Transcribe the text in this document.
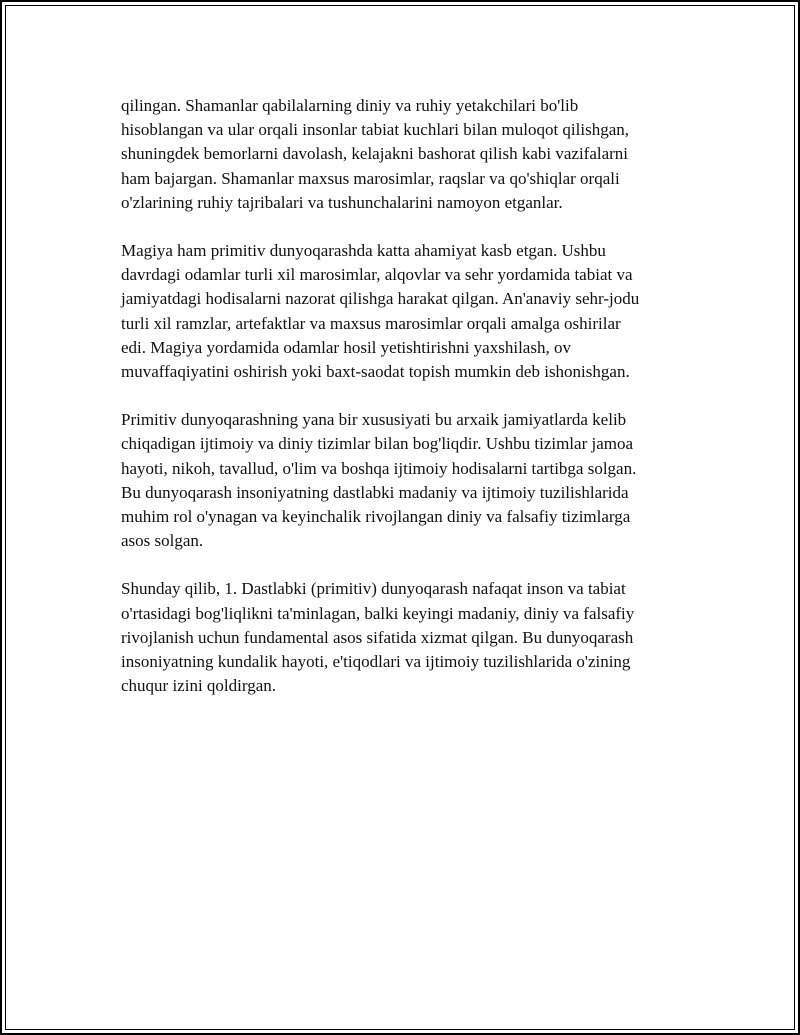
qilingan. Shamanlar qabilalarning diniy va ruhiy yetakchilari bo'lib
hisoblangan va ular orqali insonlar tabiat kuchlari bilan muloqot qilishgan,
shuningdek bemorlarni davolash, kelajakni bashorat qilish kabi vazifalarni
ham bajargan. Shamanlar maxsus marosimlar, raqslar va qo'shiqlar orqali
o'zlarining ruhiy tajribalari va tushunchalarini namoyon etganlar.

Magiya ham primitiv dunyoqarashda katta ahamiyat kasb etgan. Ushbu
davrdagi odamlar turli xil marosimlar, alqovlar va sehr yordamida tabiat va
jamiyatdagi hodisalarni nazorat qilishga harakat qilgan. An'anaviy sehr-jodu
turli xil ramzlar, artefaktlar va maxsus marosimlar orqali amalga oshirilar
edi. Magiya yordamida odamlar hosil yetishtirishni yaxshilash, ov
muvaffaqiyatini oshirish yoki baxt-saodat topish mumkin deb ishonishgan.

Primitiv dunyoqarashning yana bir xususiyati bu arxaik jamiyatlarda kelib
chiqadigan ijtimoiy va diniy tizimlar bilan bog'liqdir. Ushbu tizimlar jamoa
hayoti, nikoh, tavallud, o'lim va boshqa ijtimoiy hodisalarni tartibga solgan.
Bu dunyoqarash insoniyatning dastlabki madaniy va ijtimoiy tuzilishlarida
muhim rol o'ynagan va keyinchalik rivojlangan diniy va falsafiy tizimlarga
asos solgan.

Shunday qilib, 1. Dastlabki (primitiv) dunyoqarash nafaqat inson va tabiat
o'rtasidagi bog'liqlikni ta'minlagan, balki keyingi madaniy, diniy va falsafiy
rivojlanish uchun fundamental asos sifatida xizmat qilgan. Bu dunyoqarash
insoniyatning kundalik hayoti, e'tiqodlari va ijtimoiy tuzilishlarida o'zining
chuqur izini qoldirgan.
